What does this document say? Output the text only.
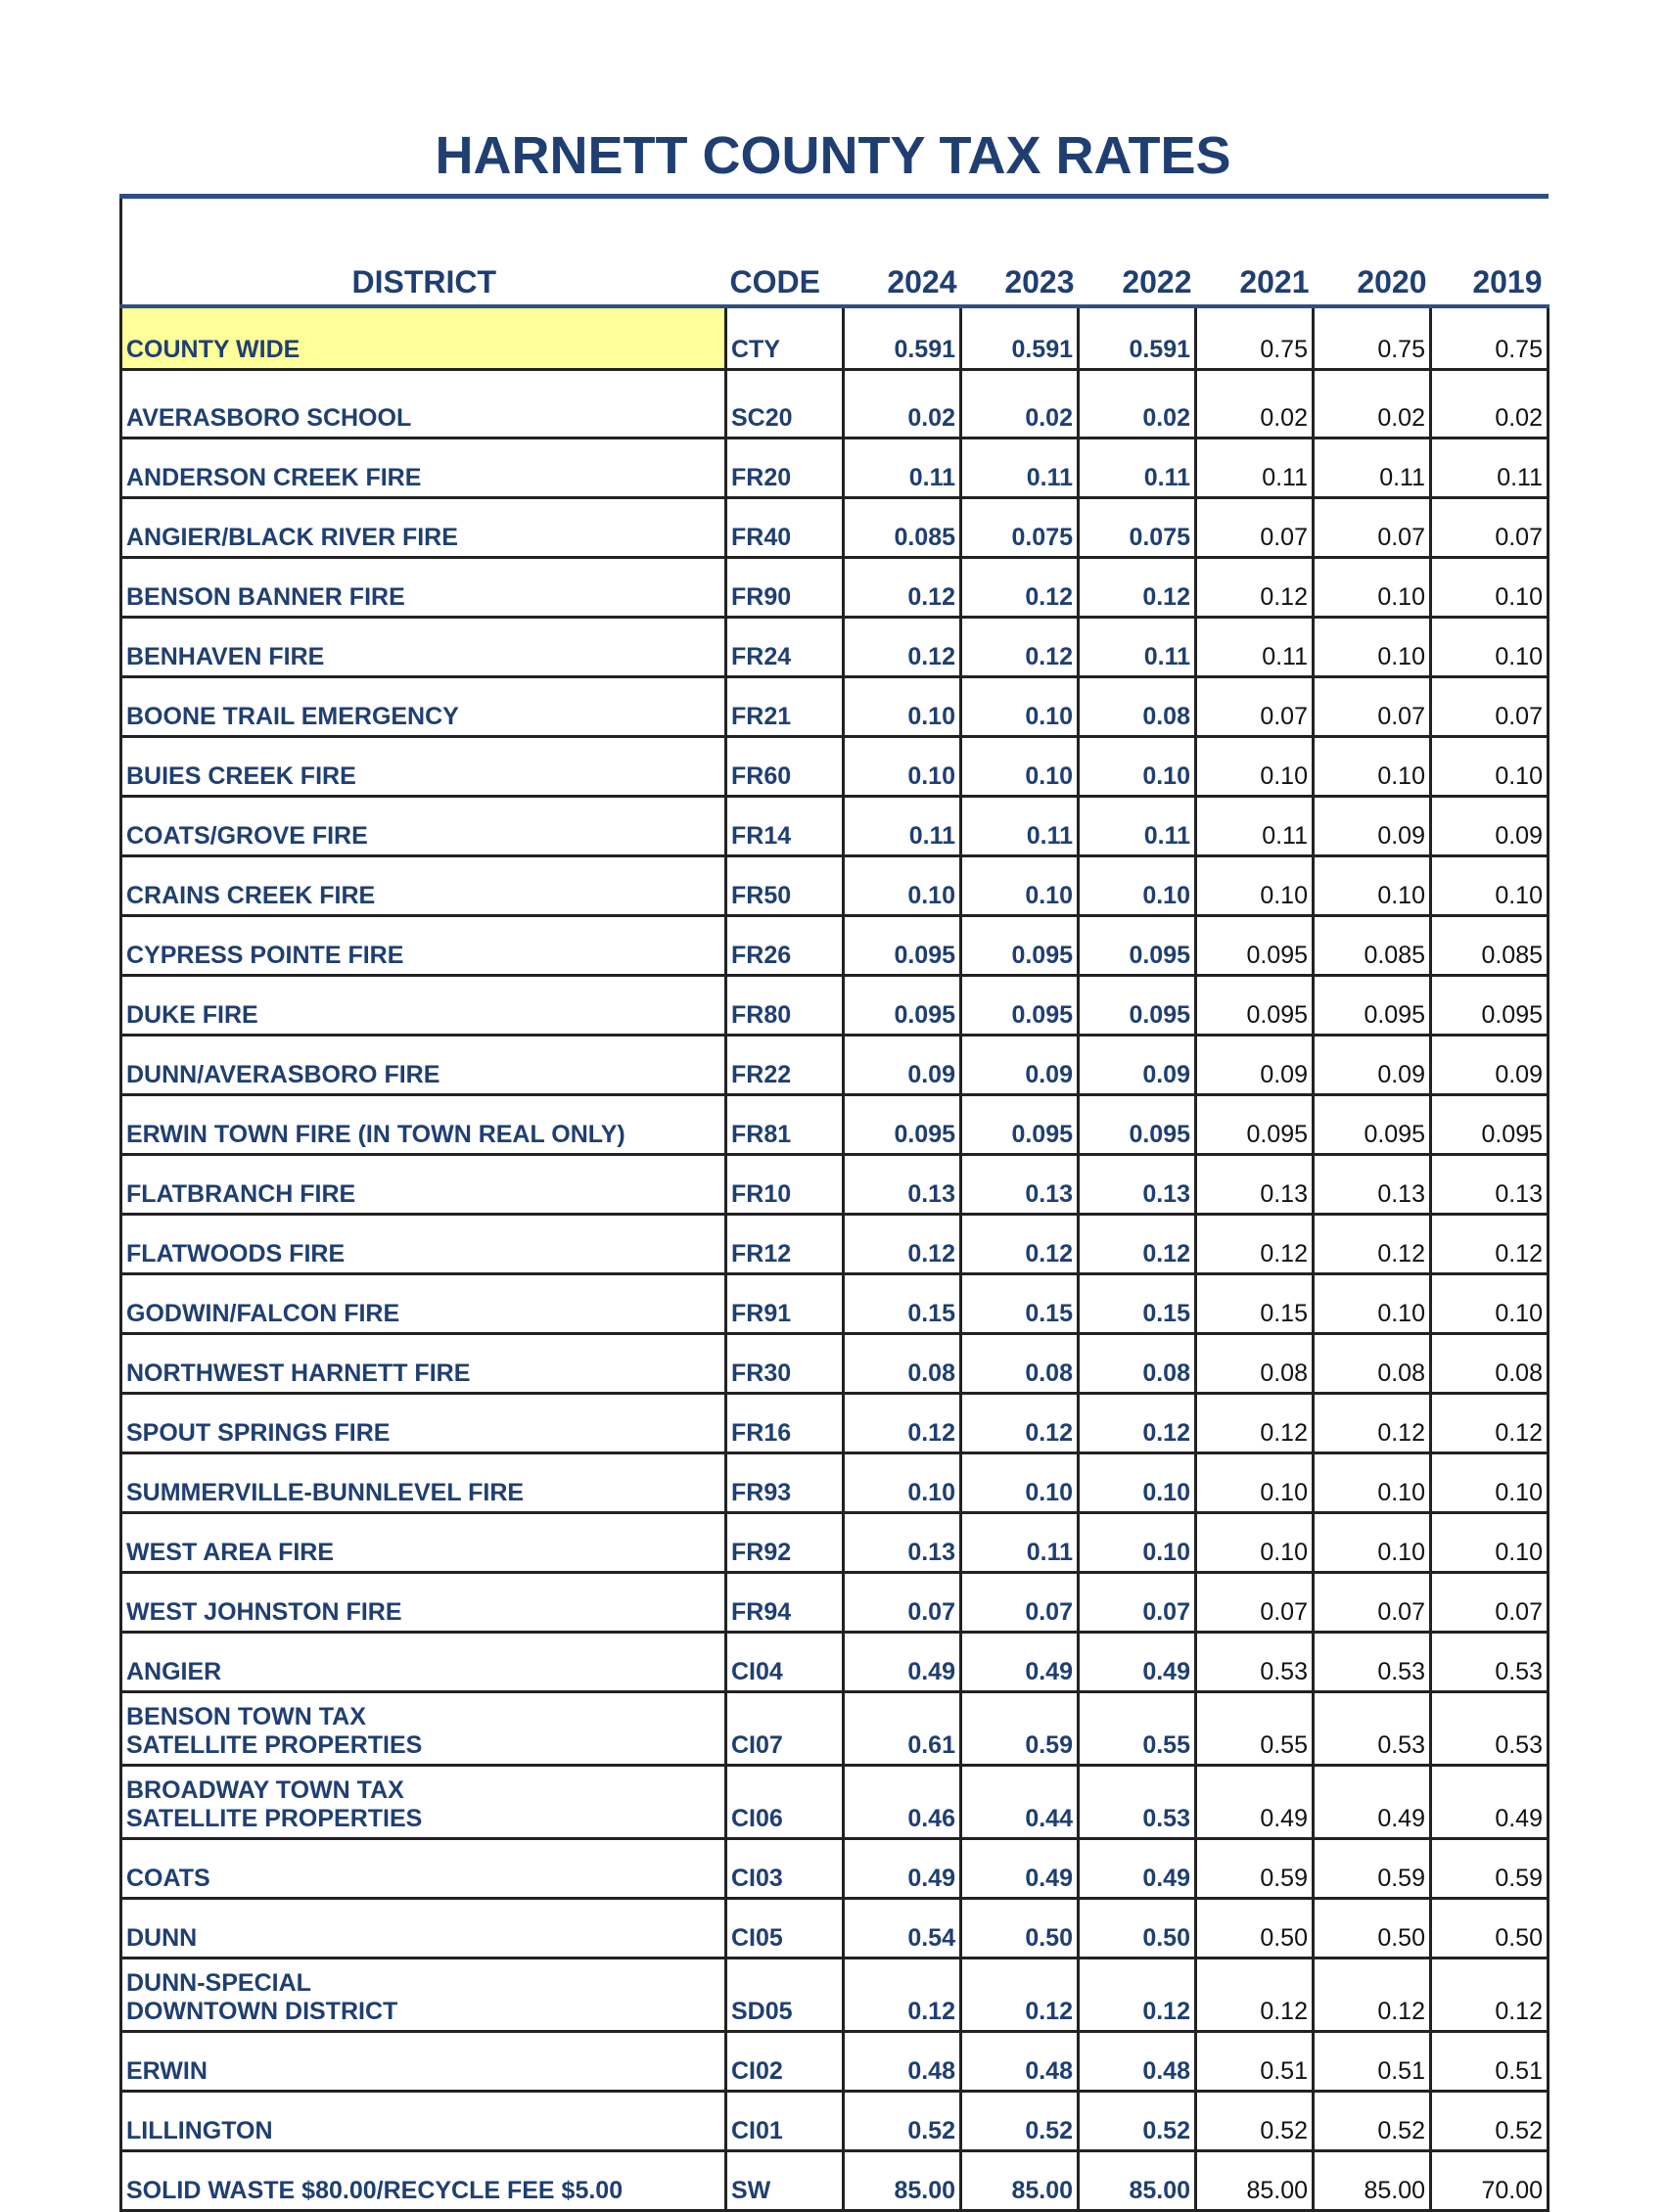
HARNETT COUNTY TAX RATES
DISTRICT	CODE	2024	2023	2022	2021	2020	2019

COUNTY WIDE	CTY	0.591	0.591	0.591	0.75	0.75	0.75

AVERASBORO SCHOOL	SC20	0.02	0.02	0.02	0.02	0.02	0.02

ANDERSON CREEK FIRE	FR20	0.11	0.11	0.11	0.11	0.11	0.11

ANGIER/BLACK RIVER FIRE	FR40	0.085	0.075	0.075	0.07	0.07	0.07

BENSON BANNER FIRE	FR90	0.12	0.12	0.12	0.12	0.10	0.10

BENHAVEN FIRE	FR24	0.12	0.12	0.11	0.11	0.10	0.10

BOONE TRAIL EMERGENCY	FR21	0.10	0.10	0.08	0.07	0.07	0.07

BUIES CREEK FIRE	FR60	0.10	0.10	0.10	0.10	0.10	0.10

COATS/GROVE FIRE	FR14	0.11	0.11	0.11	0.11	0.09	0.09

CRAINS CREEK FIRE	FR50	0.10	0.10	0.10	0.10	0.10	0.10

CYPRESS POINTE FIRE	FR26	0.095	0.095	0.095	0.095	0.085	0.085

DUKE FIRE	FR80	0.095	0.095	0.095	0.095	0.095	0.095

DUNN/AVERASBORO FIRE	FR22	0.09	0.09	0.09	0.09	0.09	0.09

ERWIN TOWN FIRE (IN TOWN REAL ONLY)	FR81	0.095	0.095	0.095	0.095	0.095	0.095

FLATBRANCH FIRE	FR10	0.13	0.13	0.13	0.13	0.13	0.13

FLATWOODS FIRE	FR12	0.12	0.12	0.12	0.12	0.12	0.12

GODWIN/FALCON FIRE	FR91	0.15	0.15	0.15	0.15	0.10	0.10

NORTHWEST HARNETT FIRE	FR30	0.08	0.08	0.08	0.08	0.08	0.08

SPOUT SPRINGS FIRE	FR16	0.12	0.12	0.12	0.12	0.12	0.12

SUMMERVILLE-BUNNLEVEL FIRE	FR93	0.10	0.10	0.10	0.10	0.10	0.10

WEST AREA FIRE	FR92	0.13	0.11	0.10	0.10	0.10	0.10

WEST JOHNSTON FIRE	FR94	0.07	0.07	0.07	0.07	0.07	0.07

ANGIER	CI04	0.49	0.49	0.49	0.53	0.53	0.53

BENSON TOWN TAX
SATELLITE PROPERTIES	CI07	0.61	0.59	0.55	0.55	0.53	0.53

BROADWAY TOWN TAX
SATELLITE PROPERTIES	CI06	0.46	0.44	0.53	0.49	0.49	0.49

COATS	CI03	0.49	0.49	0.49	0.59	0.59	0.59

DUNN	CI05	0.54	0.50	0.50	0.50	0.50	0.50

DUNN-SPECIAL
DOWNTOWN DISTRICT	SD05	0.12	0.12	0.12	0.12	0.12	0.12

ERWIN	CI02	0.48	0.48	0.48	0.51	0.51	0.51

LILLINGTON	CI01	0.52	0.52	0.52	0.52	0.52	0.52

SOLID WASTE $80.00/RECYCLE FEE $5.00	SW	85.00	85.00	85.00	85.00	85.00	70.00
